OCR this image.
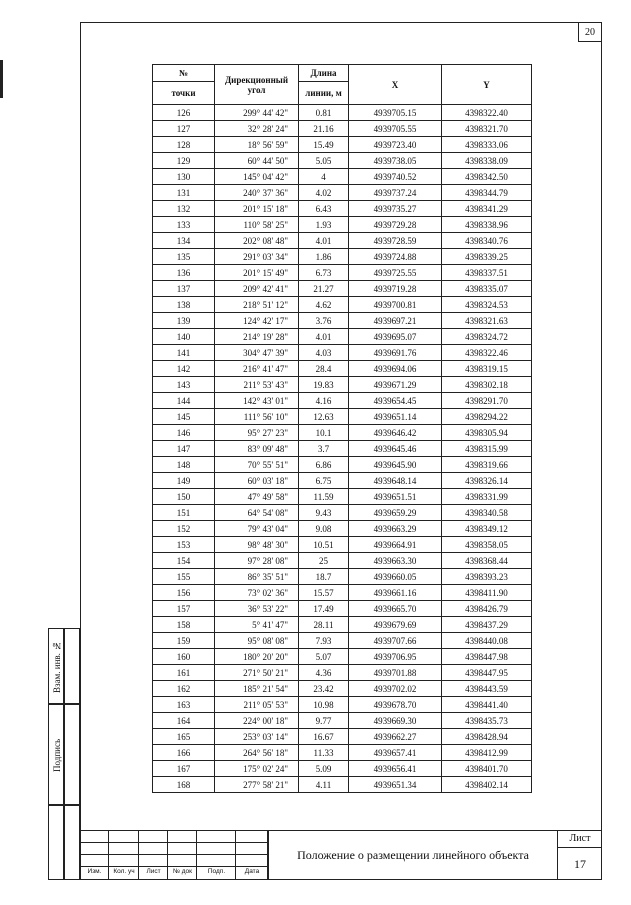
20
Взам. инв. №
Подпись
№	Дирекционный угол	Длина	X	Y
точки		линии, м		
126	299° 44' 42"	0.81	4939705.15	4398322.40
127	32° 28' 24"	21.16	4939705.55	4398321.70
128	18° 56' 59"	15.49	4939723.40	4398333.06
129	60° 44' 50"	5.05	4939738.05	4398338.09
130	145° 04' 42"	4	4939740.52	4398342.50
131	240° 37' 36"	4.02	4939737.24	4398344.79
132	201° 15' 18"	6.43	4939735.27	4398341.29
133	110° 58' 25"	1.93	4939729.28	4398338.96
134	202° 08' 48"	4.01	4939728.59	4398340.76
135	291° 03' 34"	1.86	4939724.88	4398339.25
136	201° 15' 49"	6.73	4939725.55	4398337.51
137	209° 42' 41"	21.27	4939719.28	4398335.07
138	218° 51' 12"	4.62	4939700.81	4398324.53
139	124° 42' 17"	3.76	4939697.21	4398321.63
140	214° 19' 28"	4.01	4939695.07	4398324.72
141	304° 47' 39"	4.03	4939691.76	4398322.46
142	216° 41' 47"	28.4	4939694.06	4398319.15
143	211° 53' 43"	19.83	4939671.29	4398302.18
144	142° 43' 01"	4.16	4939654.45	4398291.70
145	111° 56' 10"	12.63	4939651.14	4398294.22
146	95° 27' 23"	10.1	4939646.42	4398305.94
147	83° 09' 48"	3.7	4939645.46	4398315.99
148	70° 55' 51"	6.86	4939645.90	4398319.66
149	60° 03' 18"	6.75	4939648.14	4398326.14
150	47° 49' 58"	11.59	4939651.51	4398331.99
151	64° 54' 08"	9.43	4939659.29	4398340.58
152	79° 43' 04"	9.08	4939663.29	4398349.12
153	98° 48' 30"	10.51	4939664.91	4398358.05
154	97° 28' 08"	25	4939663.30	4398368.44
155	86° 35' 51"	18.7	4939660.05	4398393.23
156	73° 02' 36"	15.57	4939661.16	4398411.90
157	36° 53' 22"	17.49	4939665.70	4398426.79
158	5° 41' 47"	28.11	4939679.69	4398437.29
159	95° 08' 08"	7.93	4939707.66	4398440.08
160	180° 20' 20"	5.07	4939706.95	4398447.98
161	271° 50' 21"	4.36	4939701.88	4398447.95
162	185° 21' 54"	23.42	4939702.02	4398443.59
163	211° 05' 53"	10.98	4939678.70	4398441.40
164	224° 00' 18"	9.77	4939669.30	4398435.73
165	253° 03' 14"	16.67	4939662.27	4398428.94
166	264° 56' 18"	11.33	4939657.41	4398412.99
167	175° 02' 24"	5.09	4939656.41	4398401.70
168	277° 58' 21"	4.11	4939651.34	4398402.14
Изм.	Кол. уч	Лист	№ док	Подп.	Дата
Положение о размещении линейного объекта
Лист
17
